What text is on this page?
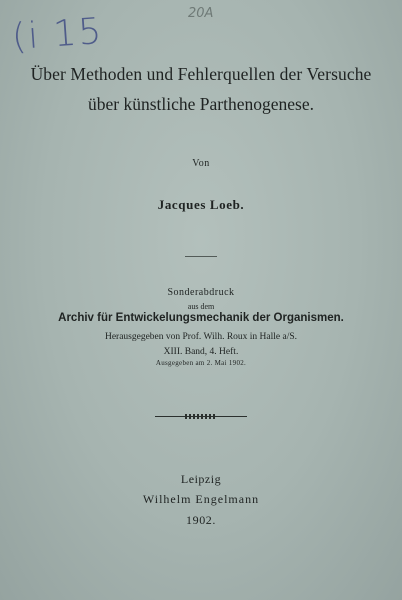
(i 15	20A
Über Methoden und Fehlerquellen der Versuche
über künstliche Parthenogenese.
Von
Jacques Loeb.
Sonderabdruck
aus dem
Archiv für Entwickelungsmechanik der Organismen.
Herausgegeben von Prof. Wilh. Roux in Halle a/S.
XIII. Band, 4. Heft.
Ausgegeben am 2. Mai 1902.
Leipzig
Wilhelm Engelmann
1902.
